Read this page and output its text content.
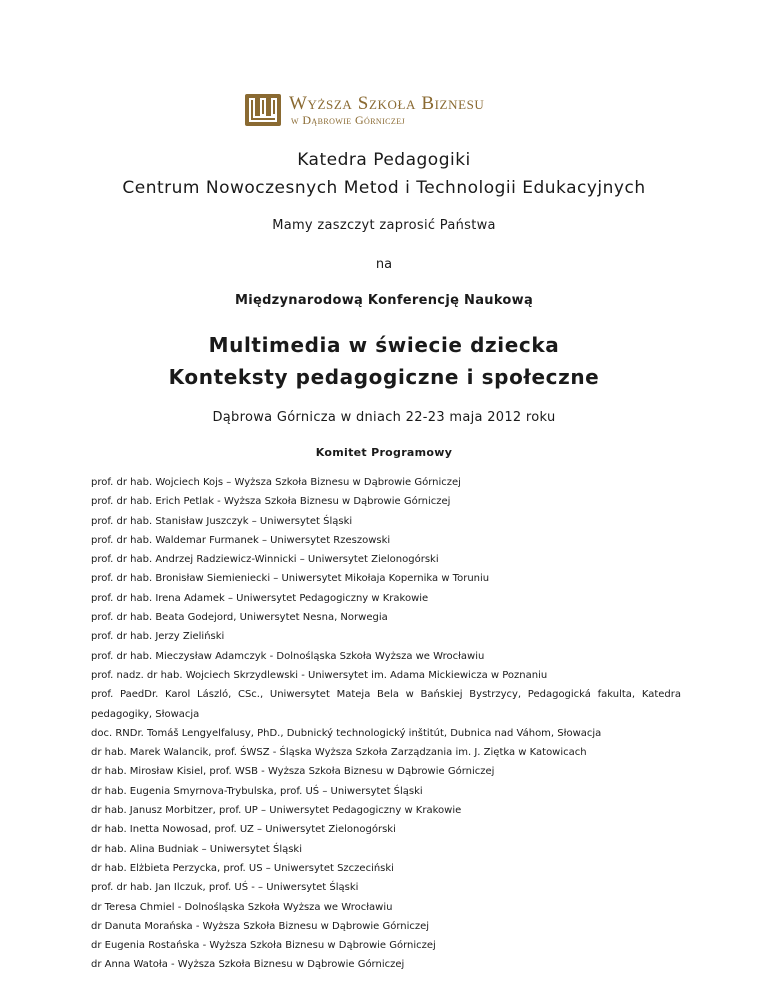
Wyższa Szkoła Biznesu
w Dąbrowie Górniczej
Katedra Pedagogiki
Centrum Nowoczesnych Metod i Technologii Edukacyjnych
Mamy zaszczyt zaprosić Państwa
na
Międzynarodową Konferencję Naukową
Multimedia w świecie dziecka
Konteksty pedagogiczne i społeczne
Dąbrowa Górnicza w dniach 22-23 maja 2012 roku
Komitet Programowy
prof. dr hab. Wojciech Kojs – Wyższa Szkoła Biznesu w Dąbrowie Górniczej
prof. dr hab. Erich Petlak - Wyższa Szkoła Biznesu w Dąbrowie Górniczej
prof. dr hab. Stanisław Juszczyk – Uniwersytet Śląski
prof. dr hab. Waldemar Furmanek – Uniwersytet Rzeszowski
prof. dr hab. Andrzej Radziewicz-Winnicki – Uniwersytet Zielonogórski
prof. dr hab. Bronisław Siemieniecki – Uniwersytet Mikołaja Kopernika w Toruniu
prof. dr hab. Irena Adamek – Uniwersytet Pedagogiczny w Krakowie
prof. dr hab. Beata Godejord, Uniwersytet Nesna, Norwegia
prof. dr hab. Jerzy Zieliński
prof. dr hab. Mieczysław Adamczyk - Dolnośląska Szkoła Wyższa we Wrocławiu
prof. nadz. dr hab. Wojciech Skrzydlewski - Uniwersytet im. Adama Mickiewicza w Poznaniu
prof. PaedDr. Karol László, CSc., Uniwersytet Mateja Bela w Bańskiej Bystrzycy, Pedagogická fakulta, Katedra pedagogiky, Słowacja
doc. RNDr. Tomáš Lengyelfalusy, PhD., Dubnický technologický inštitút, Dubnica nad Váhom, Słowacja
dr hab. Marek Walancik, prof. ŚWSZ - Śląska Wyższa Szkoła Zarządzania im. J. Ziętka w Katowicach
dr hab. Mirosław Kisiel, prof. WSB - Wyższa Szkoła Biznesu w Dąbrowie Górniczej
dr hab. Eugenia Smyrnova-Trybulska, prof. UŚ – Uniwersytet Śląski
dr hab. Janusz Morbitzer, prof. UP – Uniwersytet Pedagogiczny w Krakowie
dr hab. Inetta Nowosad, prof. UZ – Uniwersytet Zielonogórski
dr hab. Alina Budniak – Uniwersytet Śląski
dr hab. Elżbieta Perzycka, prof. US – Uniwersytet Szczeciński
prof. dr hab. Jan Ilczuk, prof. UŚ - – Uniwersytet Śląski
dr Teresa Chmiel - Dolnośląska Szkoła Wyższa we Wrocławiu
dr Danuta Morańska - Wyższa Szkoła Biznesu w Dąbrowie Górniczej
dr Eugenia Rostańska - Wyższa Szkoła Biznesu w Dąbrowie Górniczej
dr Anna Watoła - Wyższa Szkoła Biznesu w Dąbrowie Górniczej
